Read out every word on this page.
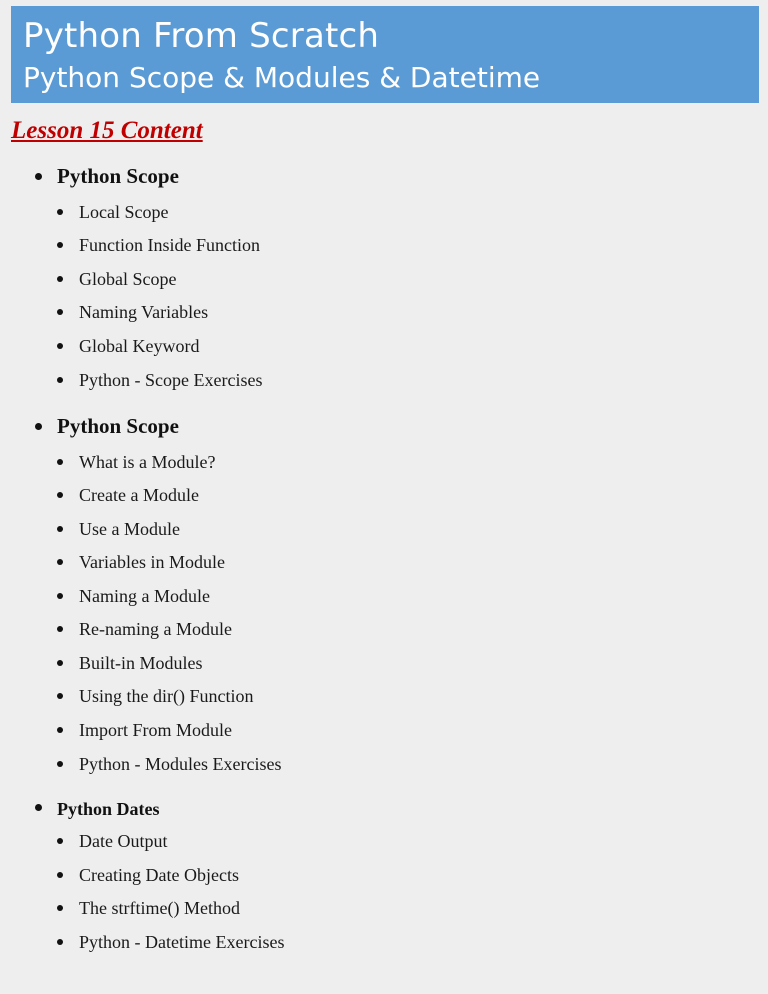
Python From Scratch

Python Scope & Modules & Datetime

Lesson 15 Content

Python Scope
Local Scope
Function Inside Function
Global Scope
Naming Variables
Global Keyword
Python - Scope Exercises
Python Scope
What is a Module?
Create a Module
Use a Module
Variables in Module
Naming a Module
Re-naming a Module
Built-in Modules
Using the dir() Function
Import From Module
Python - Modules Exercises
Python Dates
Date Output
Creating Date Objects
The strftime() Method
Python - Datetime Exercises
